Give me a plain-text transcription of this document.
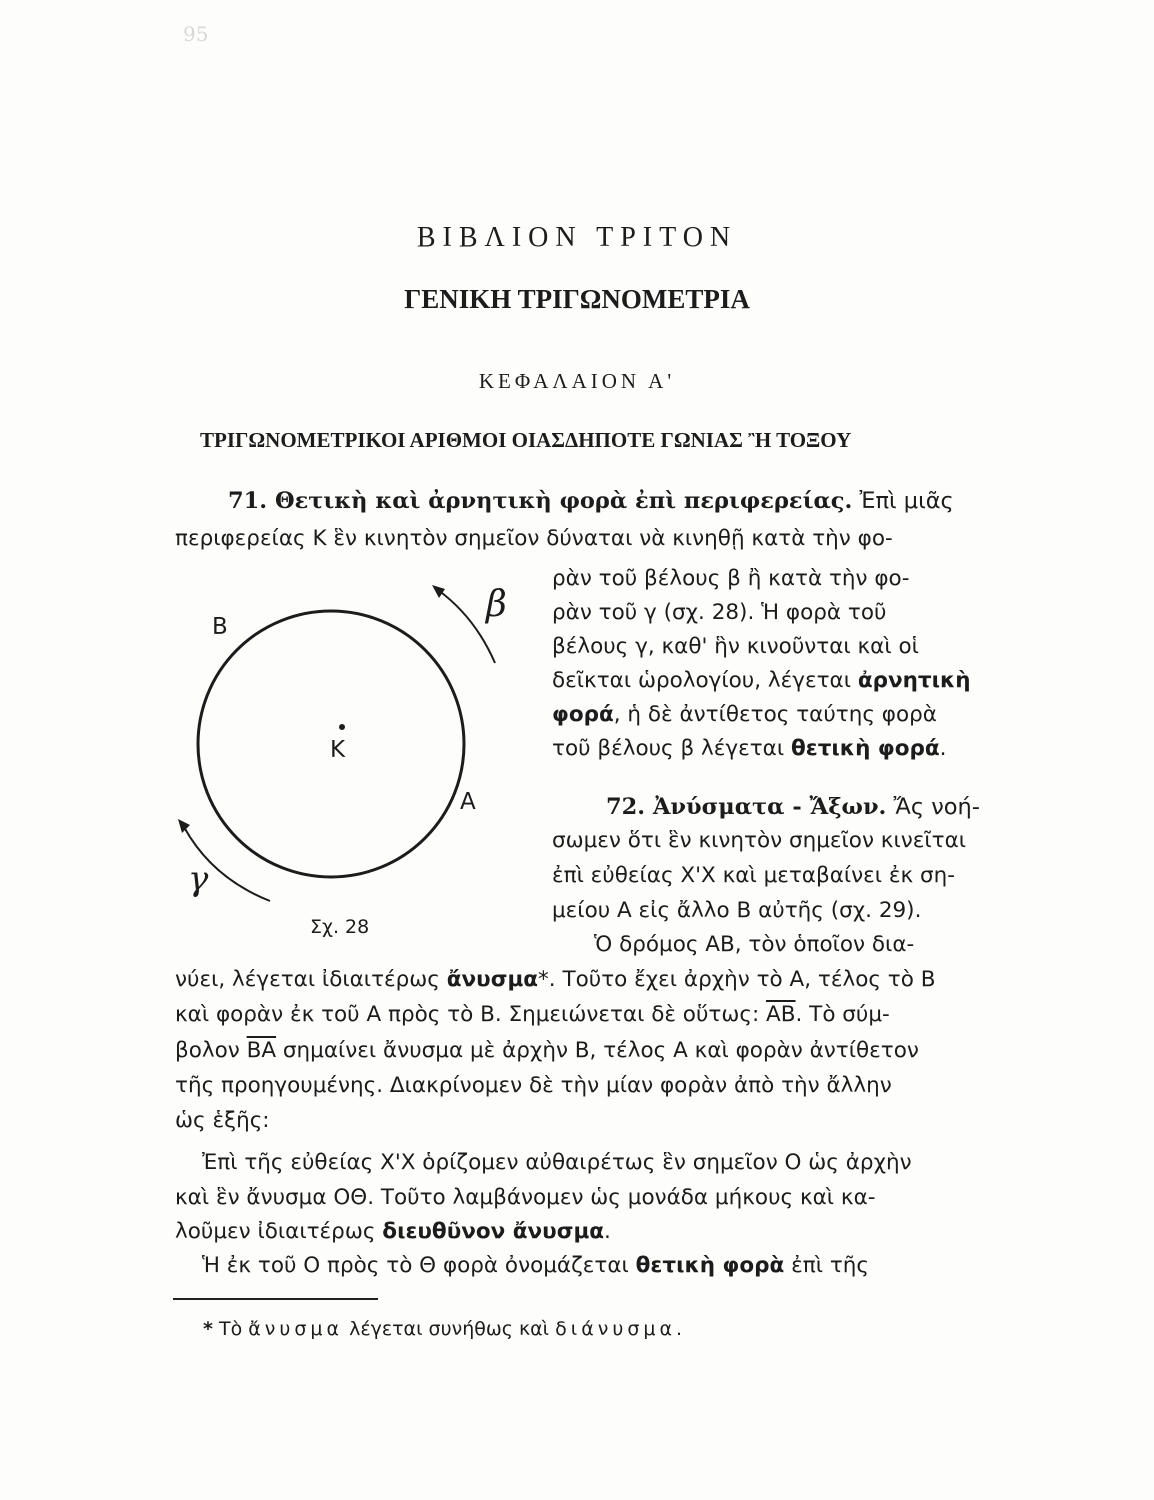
95
ΒΙΒΛΙΟΝ ΤΡΙΤΟΝ
ΓΕΝΙΚΗ ΤΡΙΓΩΝΟΜΕΤΡΙΑ
ΚΕΦΑΛΑΙΟΝ Α'
ΤΡΙΓΩΝΟΜΕΤΡΙΚΟΙ ΑΡΙΘΜΟΙ ΟΙΑΣΔΗΠΟΤΕ ΓΩΝΙΑΣ Ἢ ΤΟΞΟΥ
71. Θετικὴ καὶ ἀρνητικὴ φορὰ ἐπὶ περιφερείας. Ἐπὶ μιᾶς
περιφερείας Κ ἓν κινητὸν σημεῖον δύναται νὰ κινηθῇ κατὰ τὴν φο-
ρὰν τοῦ βέλους β ἢ κατὰ τὴν φο-
ρὰν τοῦ γ (σχ. 28). Ἡ φορὰ τοῦ
βέλους γ, καθ' ἣν κινοῦνται καὶ οἱ
δεῖκται ὡρολογίου, λέγεται ἀρνητικὴ
φορά, ἡ δὲ ἀντίθετος ταύτης φορὰ
τοῦ βέλους β λέγεται θετικὴ φορά.
Β
Α
Κ
β
γ
Σχ. 28
72. Ἀνύσματα - Ἄξων. Ἄς νοή-
σωμεν ὅτι ἓν κινητὸν σημεῖον κινεῖται
ἐπὶ εὐθείας Χ'Χ καὶ μεταβαίνει ἐκ ση-
μείου Α εἰς ἄλλο Β αὐτῆς (σχ. 29).
Ὁ δρόμος ΑΒ, τὸν ὁποῖον δια-
νύει, λέγεται ἰδιαιτέρως ἄνυσμα*. Τοῦτο ἔχει ἀρχὴν τὸ Α, τέλος τὸ Β
καὶ φορὰν ἐκ τοῦ Α πρὸς τὸ Β. Σημειώνεται δὲ οὕτως: $\overline{AB}$. Τὸ σύμ-
βολον $\overline{BA}$ σημαίνει ἄνυσμα μὲ ἀρχὴν Β, τέλος Α καὶ φορὰν ἀντίθετον
τῆς προηγουμένης. Διακρίνομεν δὲ τὴν μίαν φορὰν ἀπὸ τὴν ἄλλην
ὡς ἑξῆς:
Ἐπὶ τῆς εὐθείας Χ'Χ ὁρίζομεν αὐθαιρέτως ἓν σημεῖον Ο ὡς ἀρχὴν
καὶ ἓν ἄνυσμα ΟΘ. Τοῦτο λαμβάνομεν ὡς μονάδα μήκους καὶ κα-
λοῦμεν ἰδιαιτέρως διευθῦνον ἄνυσμα.
Ἡ ἐκ τοῦ Ο πρὸς τὸ Θ φορὰ ὀνομάζεται θετικὴ φορὰ ἐπὶ τῆς
* Τὸ ἄνυσμα λέγεται συνήθως καὶ διάνυσμα.
